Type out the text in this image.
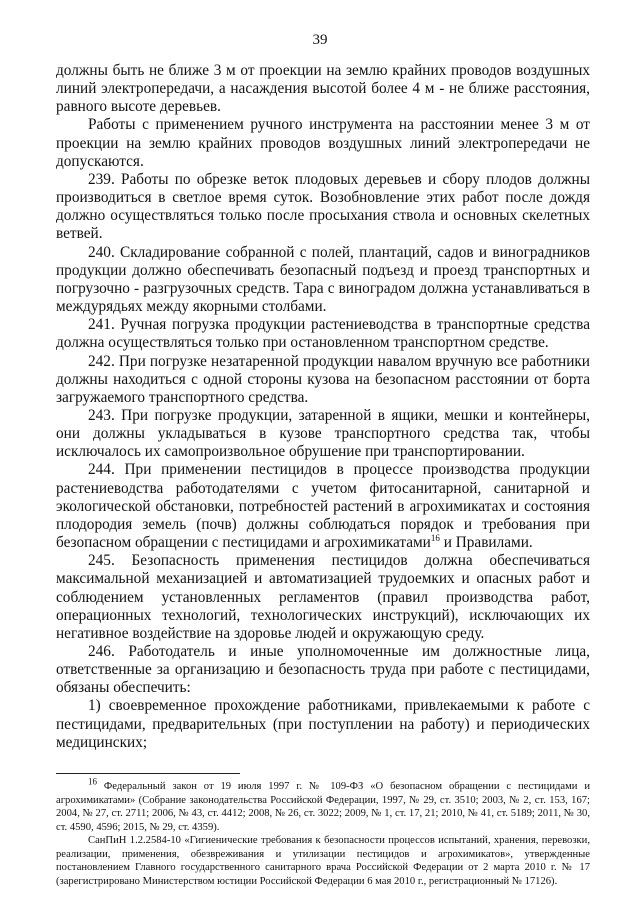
39

должны быть не ближе 3 м от проекции на землю крайних проводов воздушных линий электропередачи, а насаждения высотой более 4 м - не ближе расстояния, равного высоте деревьев.

Работы с применением ручного инструмента на расстоянии менее 3 м от проекции на землю крайних проводов воздушных линий электропередачи не допускаются.

239. Работы по обрезке веток плодовых деревьев и сбору плодов должны производиться в светлое время суток. Возобновление этих работ после дождя должно осуществляться только после просыхания ствола и основных скелетных ветвей.

240. Складирование собранной с полей, плантаций, садов и виноградников продукции должно обеспечивать безопасный подъезд и проезд транспортных и погрузочно - разгрузочных средств. Тара с виноградом должна устанавливаться в междурядьях между якорными столбами.

241. Ручная погрузка продукции растениеводства в транспортные средства должна осуществляться только при остановленном транспортном средстве.

242. При погрузке незатаренной продукции навалом вручную все работники должны находиться с одной стороны кузова на безопасном расстоянии от борта загружаемого транспортного средства.

243. При погрузке продукции, затаренной в ящики, мешки и контейнеры, они должны укладываться в кузове транспортного средства так, чтобы исключалось их самопроизвольное обрушение при транспортировании.

244. При применении пестицидов в процессе производства продукции растениеводства работодателями с учетом фитосанитарной, санитарной и экологической обстановки, потребностей растений в агрохимикатах и состояния плодородия земель (почв) должны соблюдаться порядок и требования при безопасном обращении с пестицидами и агрохимикатами$^{16}$ и Правилами.

245. Безопасность применения пестицидов должна обеспечиваться максимальной механизацией и автоматизацией трудоемких и опасных работ и соблюдением установленных регламентов (правил производства работ, операционных технологий, технологических инструкций), исключающих их негативное воздействие на здоровье людей и окружающую среду.

246. Работодатель и иные уполномоченные им должностные лица, ответственные за организацию и безопасность труда при работе с пестицидами, обязаны обеспечить:

1) своевременное прохождение работниками, привлекаемыми к работе с пестицидами, предварительных (при поступлении на работу) и периодических медицинских;

$^{16}$ Федеральный закон от 19 июля 1997 г. № 109-ФЗ «О безопасном обращении с пестицидами и агрохимикатами» (Собрание законодательства Российской Федерации, 1997, № 29, ст. 3510; 2003, № 2, ст. 153, 167; 2004, № 27, ст. 2711; 2006, № 43, ст. 4412; 2008, № 26, ст. 3022; 2009, № 1, ст. 17, 21; 2010, № 41, ст. 5189; 2011, № 30, ст. 4590, 4596; 2015, № 29, ст. 4359).

СанПиН 1.2.2584-10 «Гигиенические требования к безопасности процессов испытаний, хранения, перевозки, реализации, применения, обезвреживания и утилизации пестицидов и агрохимикатов», утвержденные постановлением Главного государственного санитарного врача Российской Федерации от 2 марта 2010 г. № 17 (зарегистрировано Министерством юстиции Российской Федерации 6 мая 2010 г., регистрационный № 17126).
